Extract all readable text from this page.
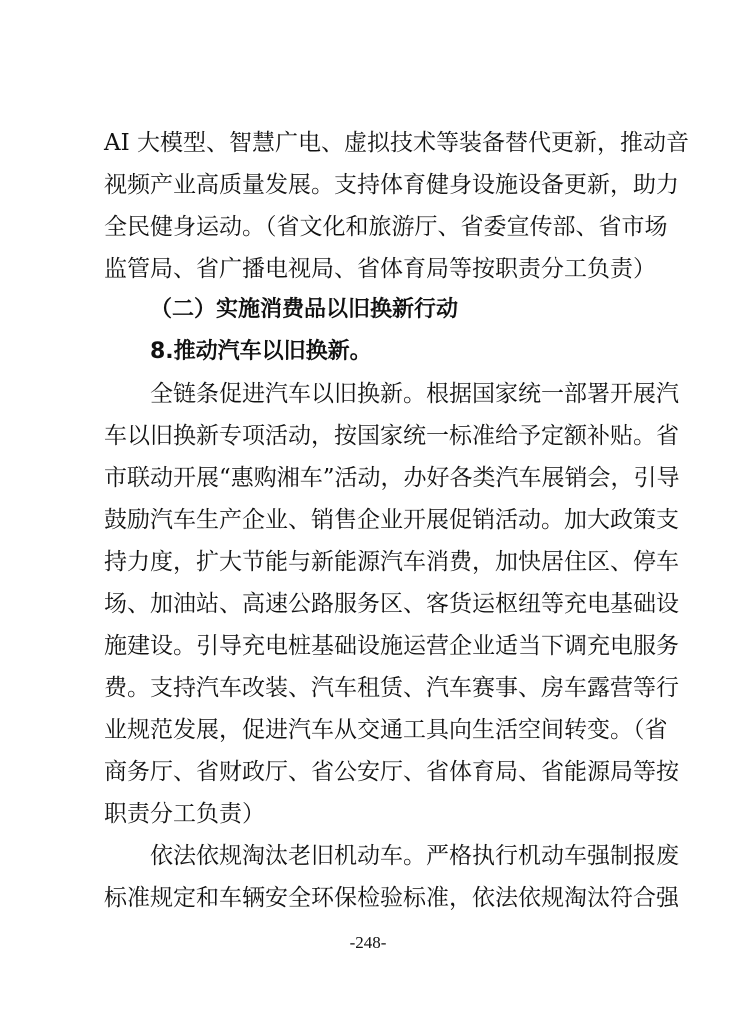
AI 大模型、智慧广电、虚拟技术等装备替代更新，推动音
视频产业高质量发展。支持体育健身设施设备更新，助力
全民健身运动。（省文化和旅游厅、省委宣传部、省市场
监管局、省广播电视局、省体育局等按职责分工负责）
（二）实施消费品以旧换新行动
8.推动汽车以旧换新。
全链条促进汽车以旧换新。根据国家统一部署开展汽
车以旧换新专项活动，按国家统一标准给予定额补贴。省
市联动开展“惠购湘车”活动，办好各类汽车展销会，引导
鼓励汽车生产企业、销售企业开展促销活动。加大政策支
持力度，扩大节能与新能源汽车消费，加快居住区、停车
场、加油站、高速公路服务区、客货运枢纽等充电基础设
施建设。引导充电桩基础设施运营企业适当下调充电服务
费。支持汽车改装、汽车租赁、汽车赛事、房车露营等行
业规范发展，促进汽车从交通工具向生活空间转变。（省
商务厅、省财政厅、省公安厅、省体育局、省能源局等按
职责分工负责）
依法依规淘汰老旧机动车。严格执行机动车强制报废
标准规定和车辆安全环保检验标准，依法依规淘汰符合强
-248-
